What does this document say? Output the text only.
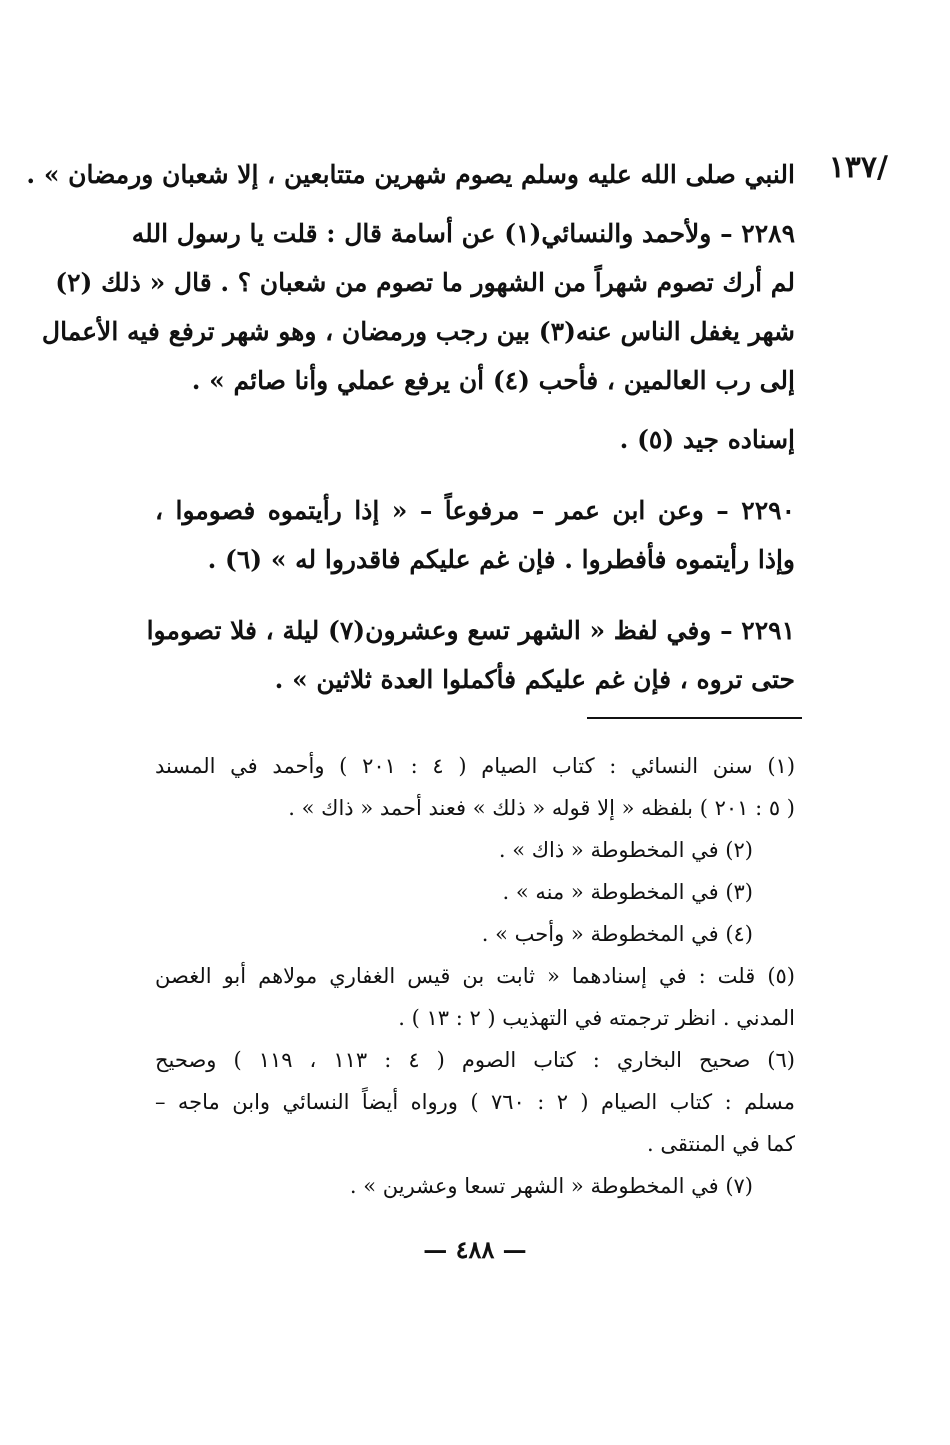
١٣٧/
النبي صلى الله عليه وسلم يصوم شهرين متتابعين ، إلا شعبان ورمضان » .
٢٢٨٩ – ولأحمد والنسائي(١) عن أسامة قال : قلت يا رسول الله
لم أرك تصوم شهراً من الشهور ما تصوم من شعبان ؟ . قال « ذلك (٢)
شهر يغفل الناس عنه(٣) بين رجب ورمضان ، وهو شهر ترفع فيه الأعمال
إلى رب العالمين ، فأحب (٤) أن يرفع عملي وأنا صائم » .
إسناده جيد (٥) .
٢٢٩٠ – وعن ابن عمر – مرفوعاً – « إذا رأيتموه فصوموا ،
وإذا رأيتموه فأفطروا . فإن غم عليكم فاقدروا له » (٦) .
٢٢٩١ – وفي لفظ « الشهر تسع وعشرون(٧) ليلة ، فلا تصوموا
حتى تروه ، فإن غم عليكم فأكملوا العدة ثلاثين » .
(١) سنن النسائي : كتاب الصيام ( ٤ : ٢٠١ ) وأحمد في المسند
( ٥ : ٢٠١ ) بلفظه « إلا قوله « ذلك » فعند أحمد « ذاك » .
(٢) في المخطوطة « ذاك » .
(٣) في المخطوطة « منه » .
(٤) في المخطوطة « وأحب » .
(٥) قلت : في إسنادهما « ثابت بن قيس الغفاري مولاهم أبو الغصن
المدني . انظر ترجمته في التهذيب ( ٢ : ١٣ ) .
(٦) صحيح البخاري : كتاب الصوم ( ٤ : ١١٣ ، ١١٩ ) وصحيح
مسلم : كتاب الصيام ( ٢ : ٧٦٠ ) ورواه أيضاً النسائي وابن ماجه –
كما في المنتقى .
(٧) في المخطوطة « الشهر تسعا وعشرين » .
— ٤٨٨ —
